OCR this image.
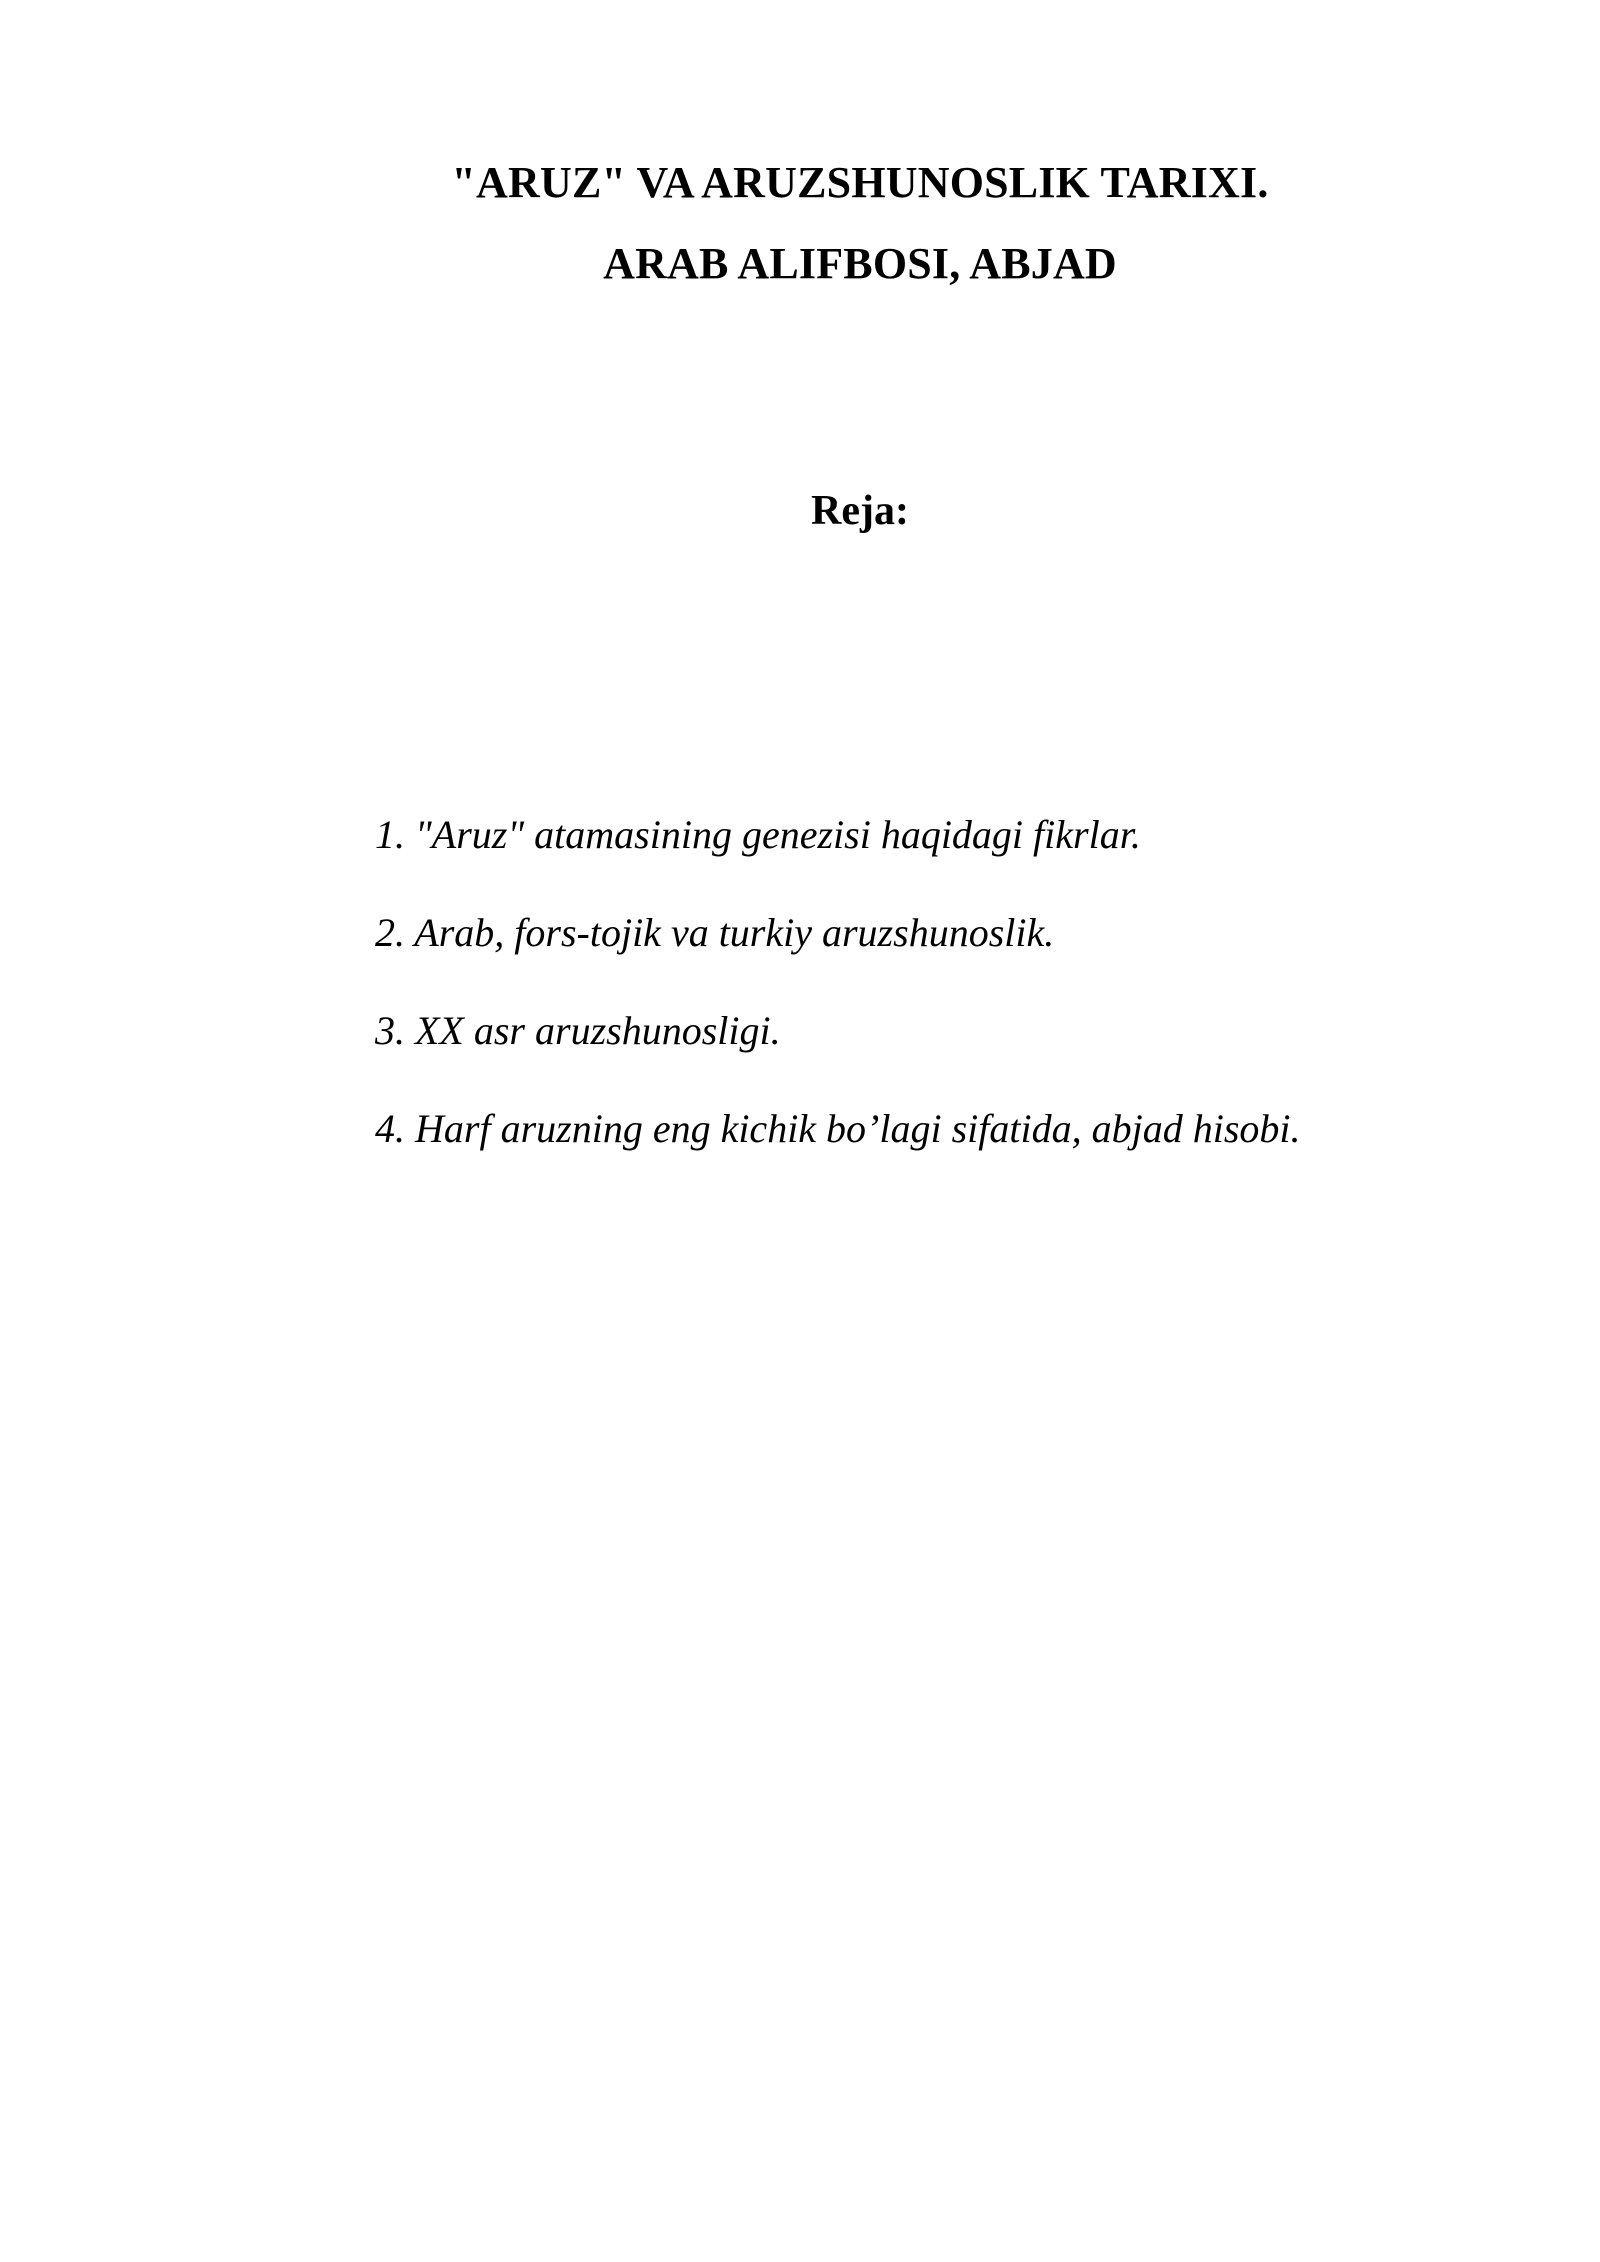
"ARUZ" VA ARUZSHUNOSLIK TARIXI.
ARAB ALIFBOSI, ABJAD
Reja:
1. "Aruz" atamasining genezisi haqidagi fikrlar.
2. Arab, fors-tojik va turkiy aruzshunoslik.
3. XX asr aruzshunosligi.
4. Harf aruzning eng kichik bo’lagi sifatida, abjad hisobi.
